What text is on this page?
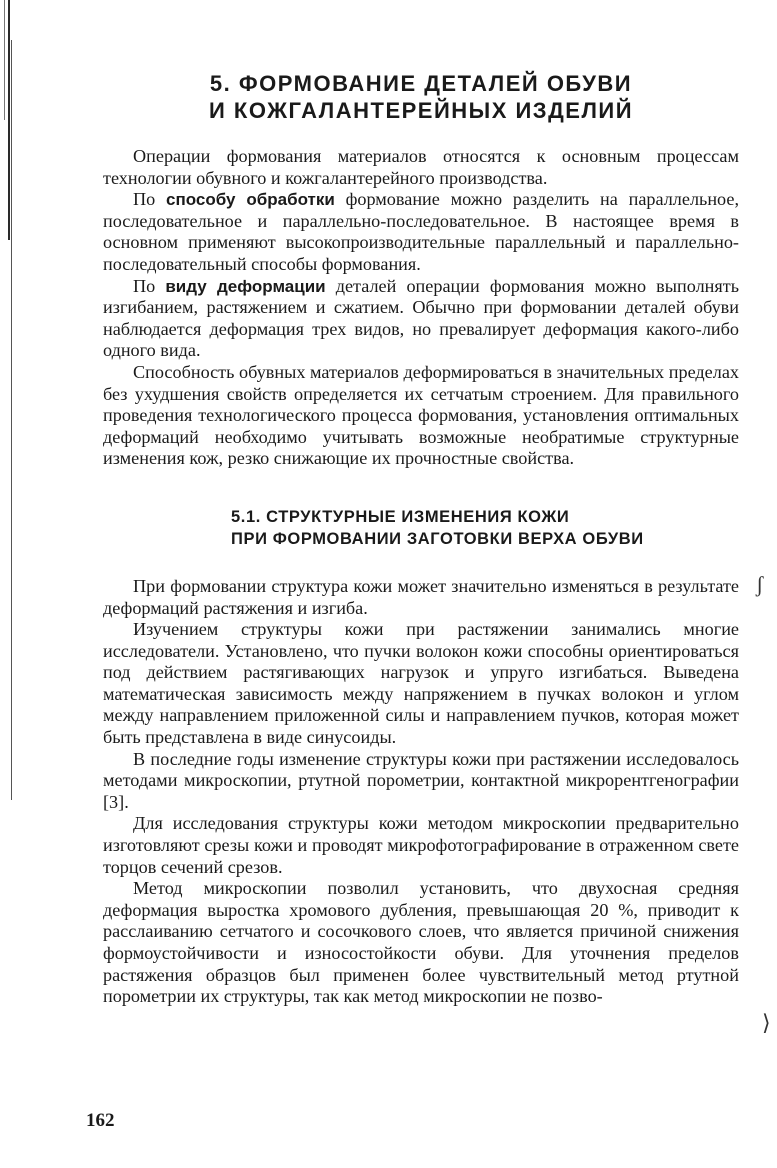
5. ФОРМОВАНИЕ ДЕТАЛЕЙ ОБУВИ
И КОЖГАЛАНТЕРЕЙНЫХ ИЗДЕЛИЙ

Операции формования материалов относятся к основным процессам технологии обувного и кожгалантерейного производства.

По способу обработки формование можно разделить на параллельное, последовательное и параллельно-последовательное. В настоящее время в основном применяют высокопроизводительные параллельный и параллельно-последовательный способы формования.

По виду деформации деталей операции формования можно выполнять изгибанием, растяжением и сжатием. Обычно при формовании деталей обуви наблюдается деформация трех видов, но превалирует деформация какого-либо одного вида.

Способность обувных материалов деформироваться в значительных пределах без ухудшения свойств определяется их сетчатым строением. Для правильного проведения технологического процесса формования, установления оптимальных деформаций необходимо учитывать возможные необратимые структурные изменения кож, резко снижающие их прочностные свойства.

5.1. СТРУКТУРНЫЕ ИЗМЕНЕНИЯ КОЖИ
ПРИ ФОРМОВАНИИ ЗАГОТОВКИ ВЕРХА ОБУВИ

При формовании структура кожи может значительно изменяться в результате деформаций растяжения и изгиба.

Изучением структуры кожи при растяжении занимались многие исследователи. Установлено, что пучки волокон кожи способны ориентироваться под действием растягивающих нагрузок и упруго изгибаться. Выведена математическая зависимость между напряжением в пучках волокон и углом между направлением приложенной силы и направлением пучков, которая может быть представлена в виде синусоиды.

В последние годы изменение структуры кожи при растяжении исследовалось методами микроскопии, ртутной порометрии, контактной микрорентгенографии [3].

Для исследования структуры кожи методом микроскопии предварительно изготовляют срезы кожи и проводят микрофотографирование в отраженном свете торцов сечений срезов.

Метод микроскопии позволил установить, что двухосная средняя деформация выростка хромового дубления, превышающая 20 %, приводит к расслаиванию сетчатого и сосочкового слоев, что является причиной снижения формоустойчивости и износостойкости обуви. Для уточнения пределов растяжения образцов был применен более чувствительный метод ртутной порометрии их структуры, так как метод микроскопии не позво-

ʃ
⟩
162
